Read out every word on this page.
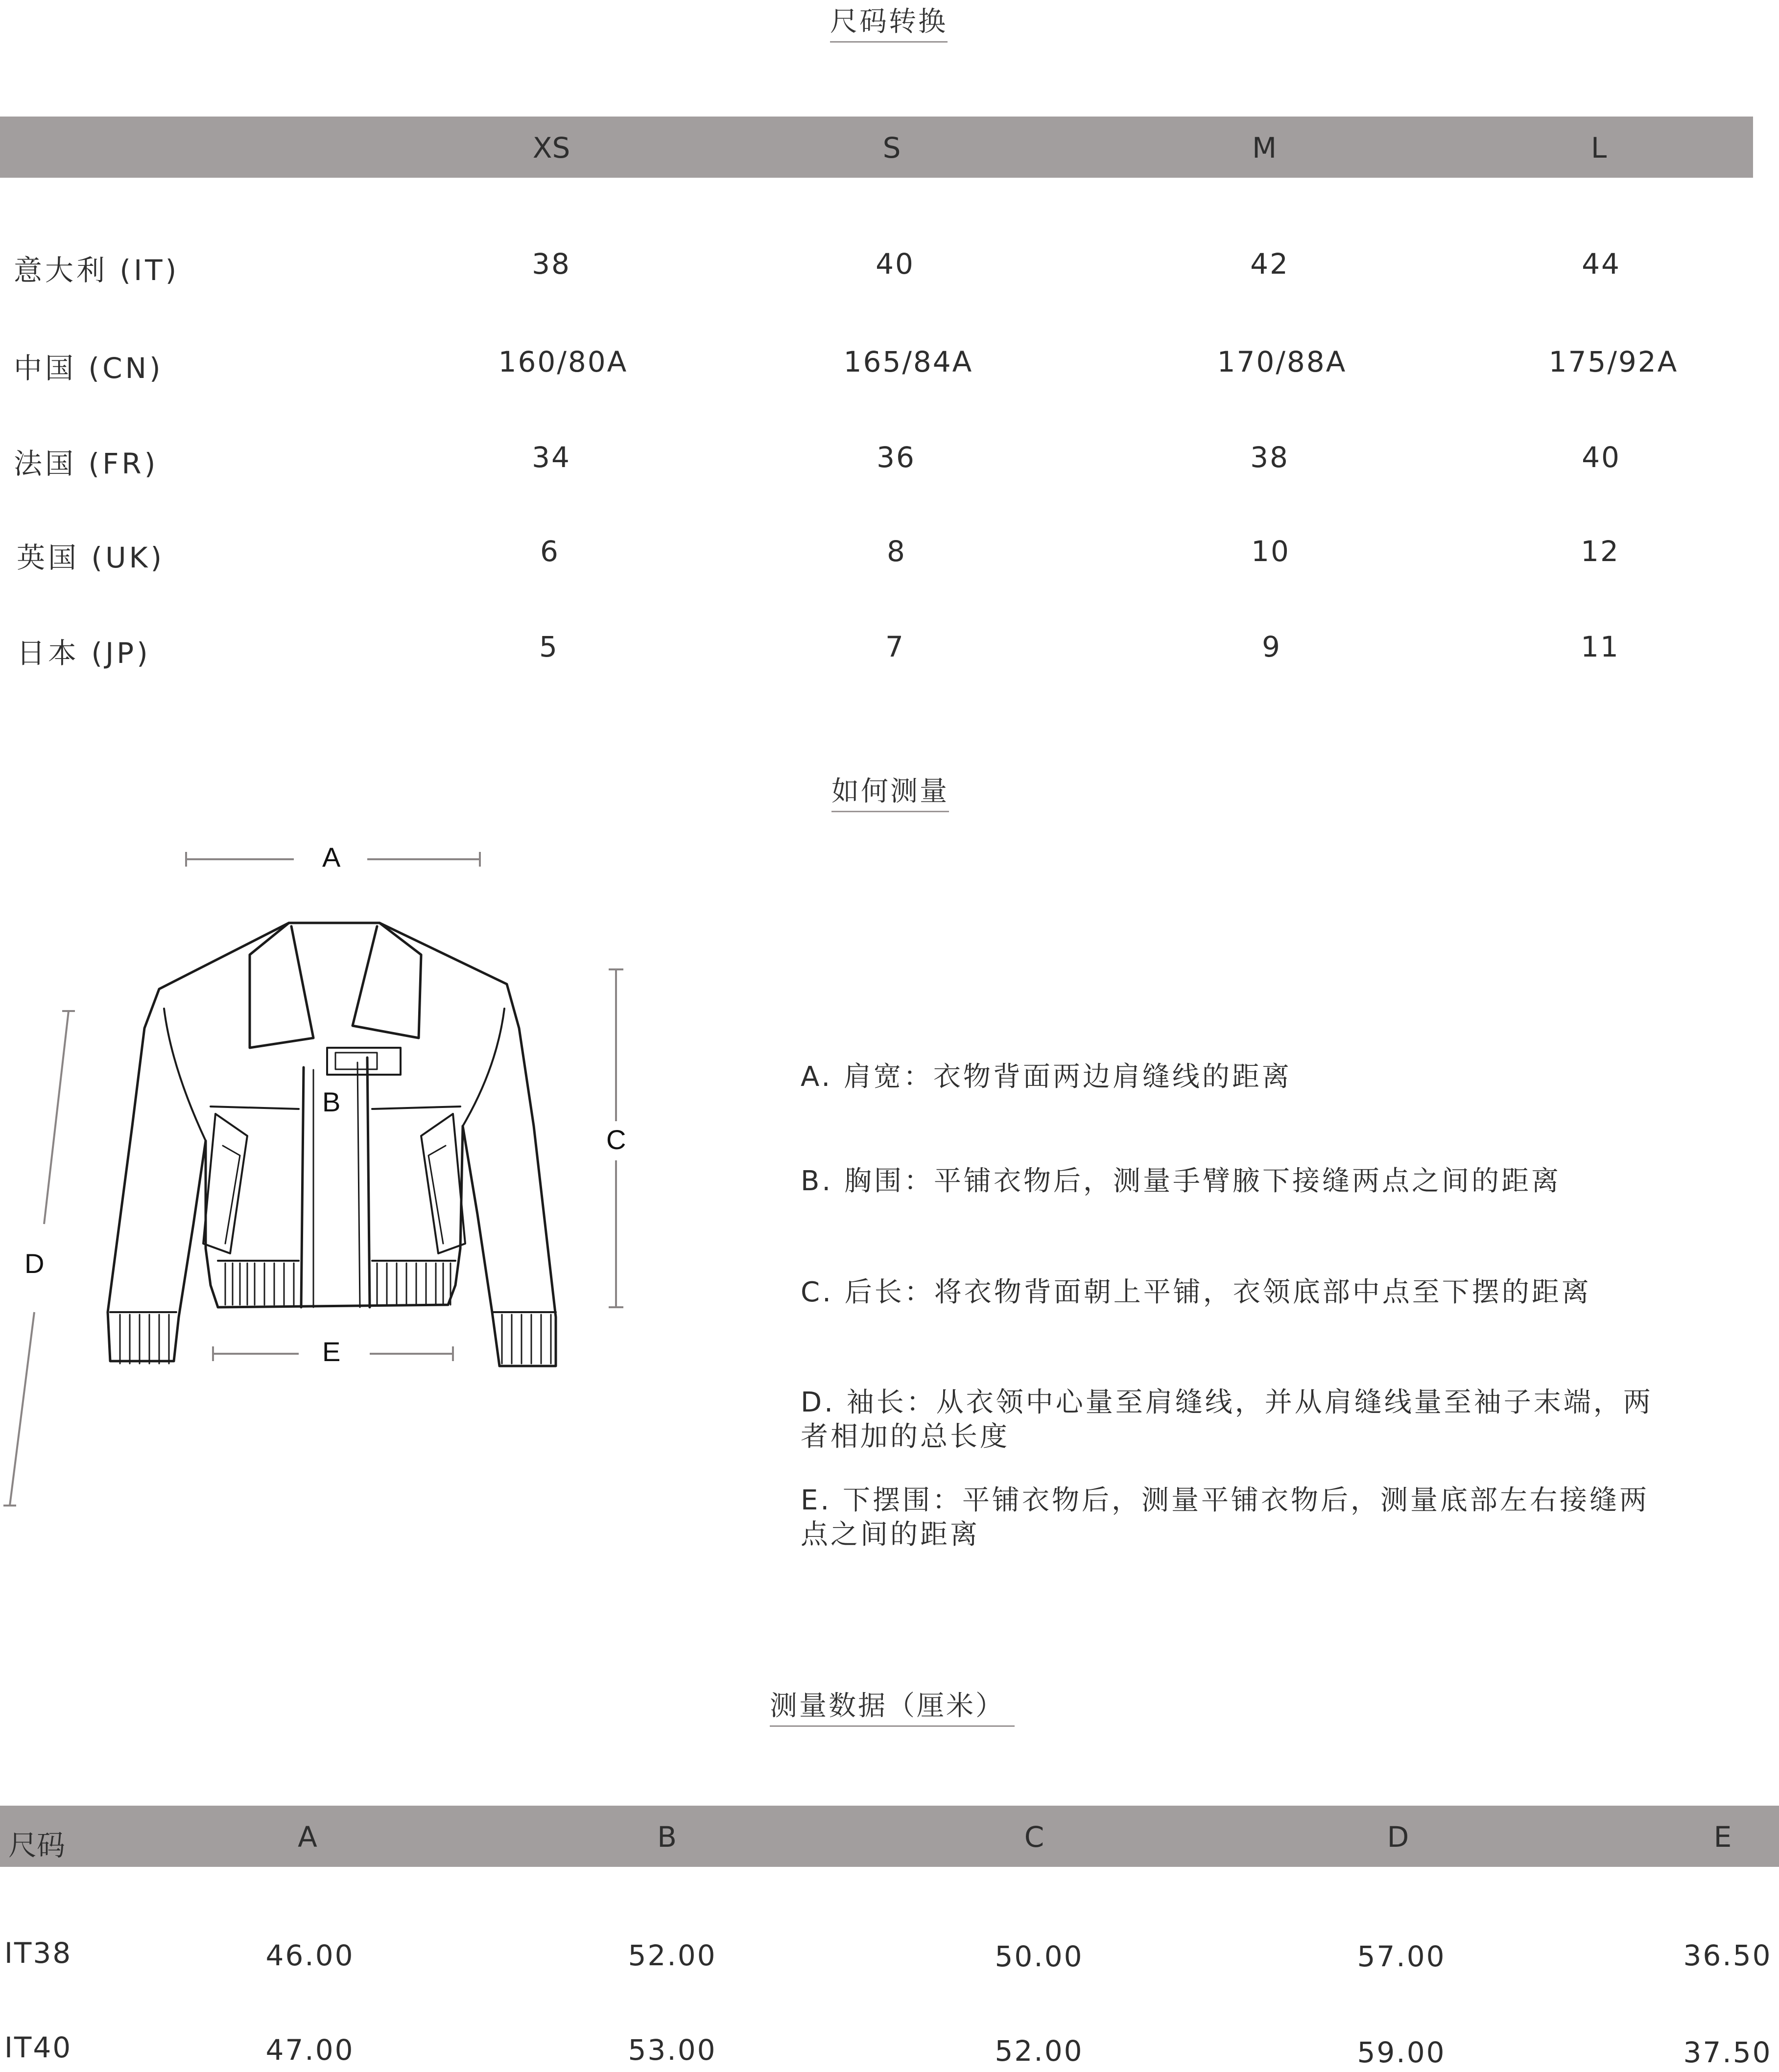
尺码转换
XS	S	M	L
意大利 (IT)	38	40	42	44
中国 (CN)	160/80A	165/84A	170/88A	175/92A
法国 (FR)	34	36	38	40
英国 (UK)	6	8	10	12
日本 (JP)	5	7	9	11
如何测量
A
B
C
D
E
A. 肩宽：衣物背面两边肩缝线的距离
B. 胸围：平铺衣物后，测量手臂腋下接缝两点之间的距离
C. 后长：将衣物背面朝上平铺，衣领底部中点至下摆的距离
D. 袖长：从衣领中心量至肩缝线，并从肩缝线量至袖子末端，两者相加的总长度
E. 下摆围：平铺衣物后，测量平铺衣物后，测量底部左右接缝两点之间的距离
测量数据（厘米）
尺码	A	B	C	D	E
IT38	46.00	52.00	50.00	57.00	36.50
IT40	47.00	53.00	52.00	59.00	37.50
